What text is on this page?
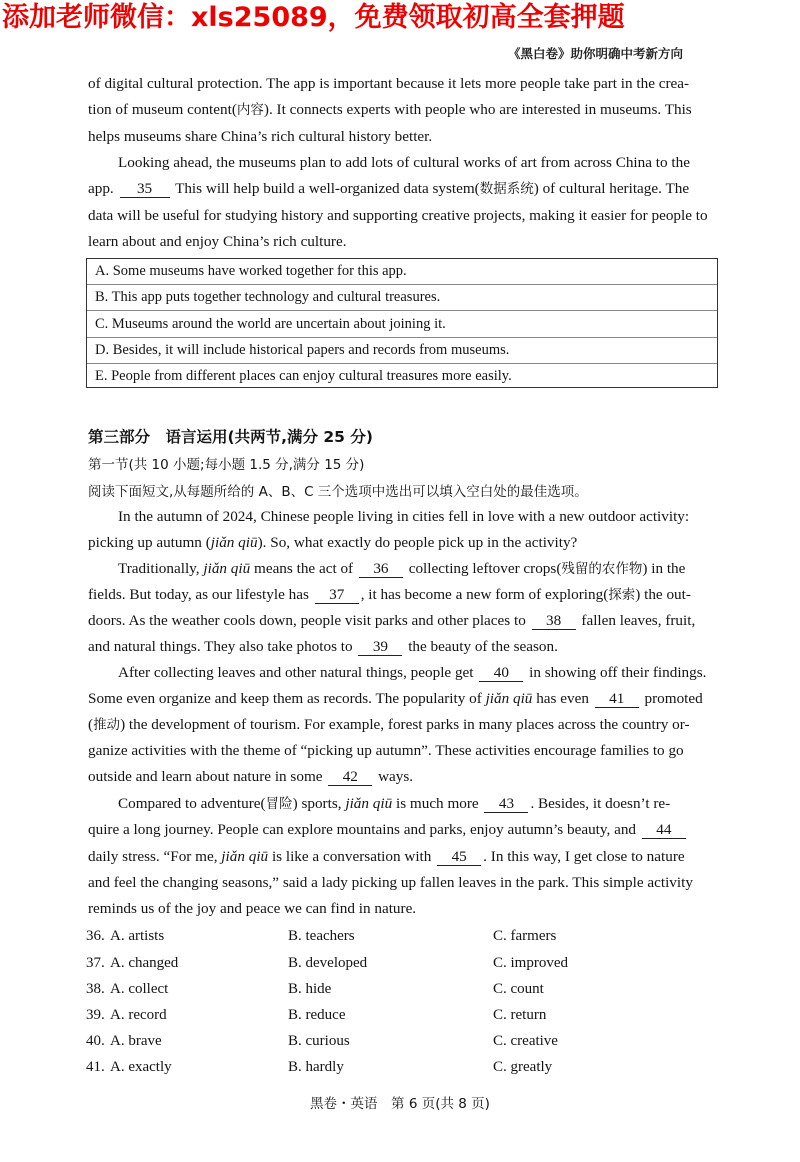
添加老师微信：xls25089，免费领取初高全套押题
《黑白卷》助你明确中考新方向
of digital cultural protection. The app is important because it lets more people take part in the crea-
tion of museum content(内容). It connects experts with people who are interested in museums. This
helps museums share China’s rich cultural history better.
Looking ahead, the museums plan to add lots of cultural works of art from across China to the
app. 35 This will help build a well-organized data system(数据系统) of cultural heritage. The
data will be useful for studying history and supporting creative projects, making it easier for people to
learn about and enjoy China’s rich culture.
A. Some museums have worked together for this app.
B. This app puts together technology and cultural treasures.
C. Museums around the world are uncertain about joining it.
D. Besides, it will include historical papers and records from museums.
E. People from different places can enjoy cultural treasures more easily.
第三部分　语言运用(共两节,满分 25 分)
第一节(共 10 小题;每小题 1.5 分,满分 15 分)
阅读下面短文,从每题所给的 A、B、C 三个选项中选出可以填入空白处的最佳选项。
In the autumn of 2024, Chinese people living in cities fell in love with a new outdoor activity:
picking up autumn (jiǎn qiū). So, what exactly do people pick up in the activity?
Traditionally, jiǎn qiū means the act of 36 collecting leftover crops(残留的农作物) in the
fields. But today, as our lifestyle has 37 , it has become a new form of exploring(探索) the out-
doors. As the weather cools down, people visit parks and other places to 38 fallen leaves, fruit,
and natural things. They also take photos to 39 the beauty of the season.
After collecting leaves and other natural things, people get 40 in showing off their findings.
Some even organize and keep them as records. The popularity of jiǎn qiū has even 41 promoted
(推动) the development of tourism. For example, forest parks in many places across the country or-
ganize activities with the theme of “picking up autumn”. These activities encourage families to go
outside and learn about nature in some 42 ways.
Compared to adventure(冒险) sports, jiǎn qiū is much more 43 . Besides, it doesn’t re-
quire a long journey. People can explore mountains and parks, enjoy autumn’s beauty, and 44
daily stress. “For me, jiǎn qiū is like a conversation with 45 . In this way, I get close to nature
and feel the changing seasons,” said a lady picking up fallen leaves in the park. This simple activity
reminds us of the joy and peace we can find in nature.
36. A. artists	B. teachers	C. farmers
37. A. changed	B. developed	C. improved
38. A. collect	B. hide	C. count
39. A. record	B. reduce	C. return
40. A. brave	B. curious	C. creative
41. A. exactly	B. hardly	C. greatly
黑卷・英语　第 6 页(共 8 页)
